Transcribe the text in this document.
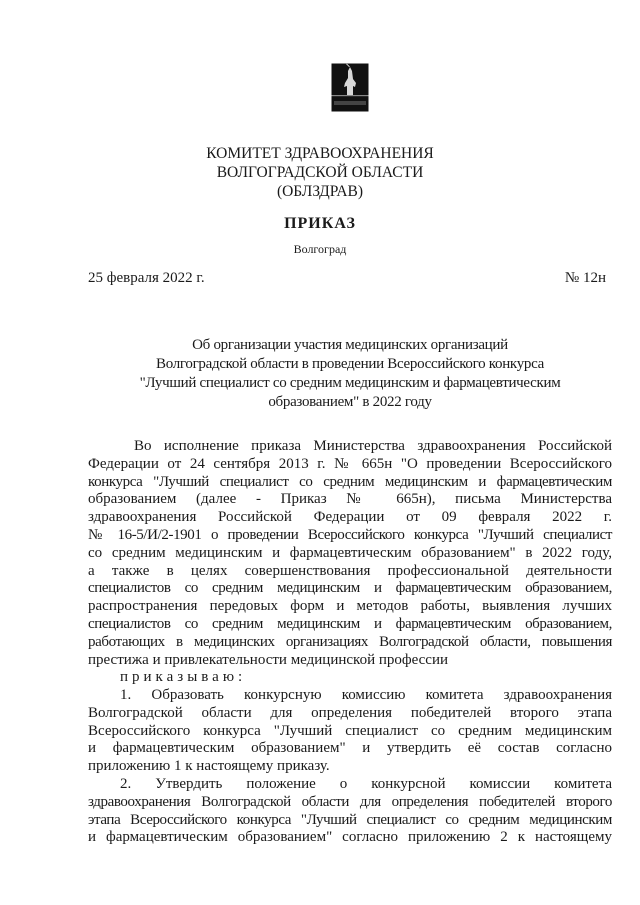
КОМИТЕТ ЗДРАВООХРАНЕНИЯ
ВОЛГОГРАДСКОЙ ОБЛАСТИ
(ОБЛЗДРАВ)
ПРИКАЗ
Волгоград
25 февраля 2022 г.	№ 12н
Об организации участия медицинских организаций
Волгоградской области в проведении Всероссийского конкурса
"Лучший специалист со средним медицинским и фармацевтическим
образованием" в 2022 году
Во исполнение приказа Министерства здравоохранения Российской
Федерации от 24 сентября 2013 г. № 665н "О проведении Всероссийского
конкурса "Лучший специалист со средним медицинским и фармацевтическим
образованием (далее - Приказ № 665н), письма Министерства
здравоохранения Российской Федерации от 09 февраля 2022 г.
№ 16-5/И/2-1901 о проведении Всероссийского конкурса "Лучший специалист
со средним медицинским и фармацевтическим образованием" в 2022 году,
а также в целях совершенствования профессиональной деятельности
специалистов со средним медицинским и фармацевтическим образованием,
распространения передовых форм и методов работы, выявления лучших
специалистов со средним медицинским и фармацевтическим образованием,
работающих в медицинских организациях Волгоградской области, повышения
престижа и привлекательности медицинской профессии
приказываю:
1. Образовать конкурсную комиссию комитета здравоохранения
Волгоградской области для определения победителей второго этапа
Всероссийского конкурса "Лучший специалист со средним медицинским
и фармацевтическим образованием" и утвердить её состав согласно
приложению 1 к настоящему приказу.
2. Утвердить положение о конкурсной комиссии комитета
здравоохранения Волгоградской области для определения победителей второго
этапа Всероссийского конкурса "Лучший специалист со средним медицинским
и фармацевтическим образованием" согласно приложению 2 к настоящему
